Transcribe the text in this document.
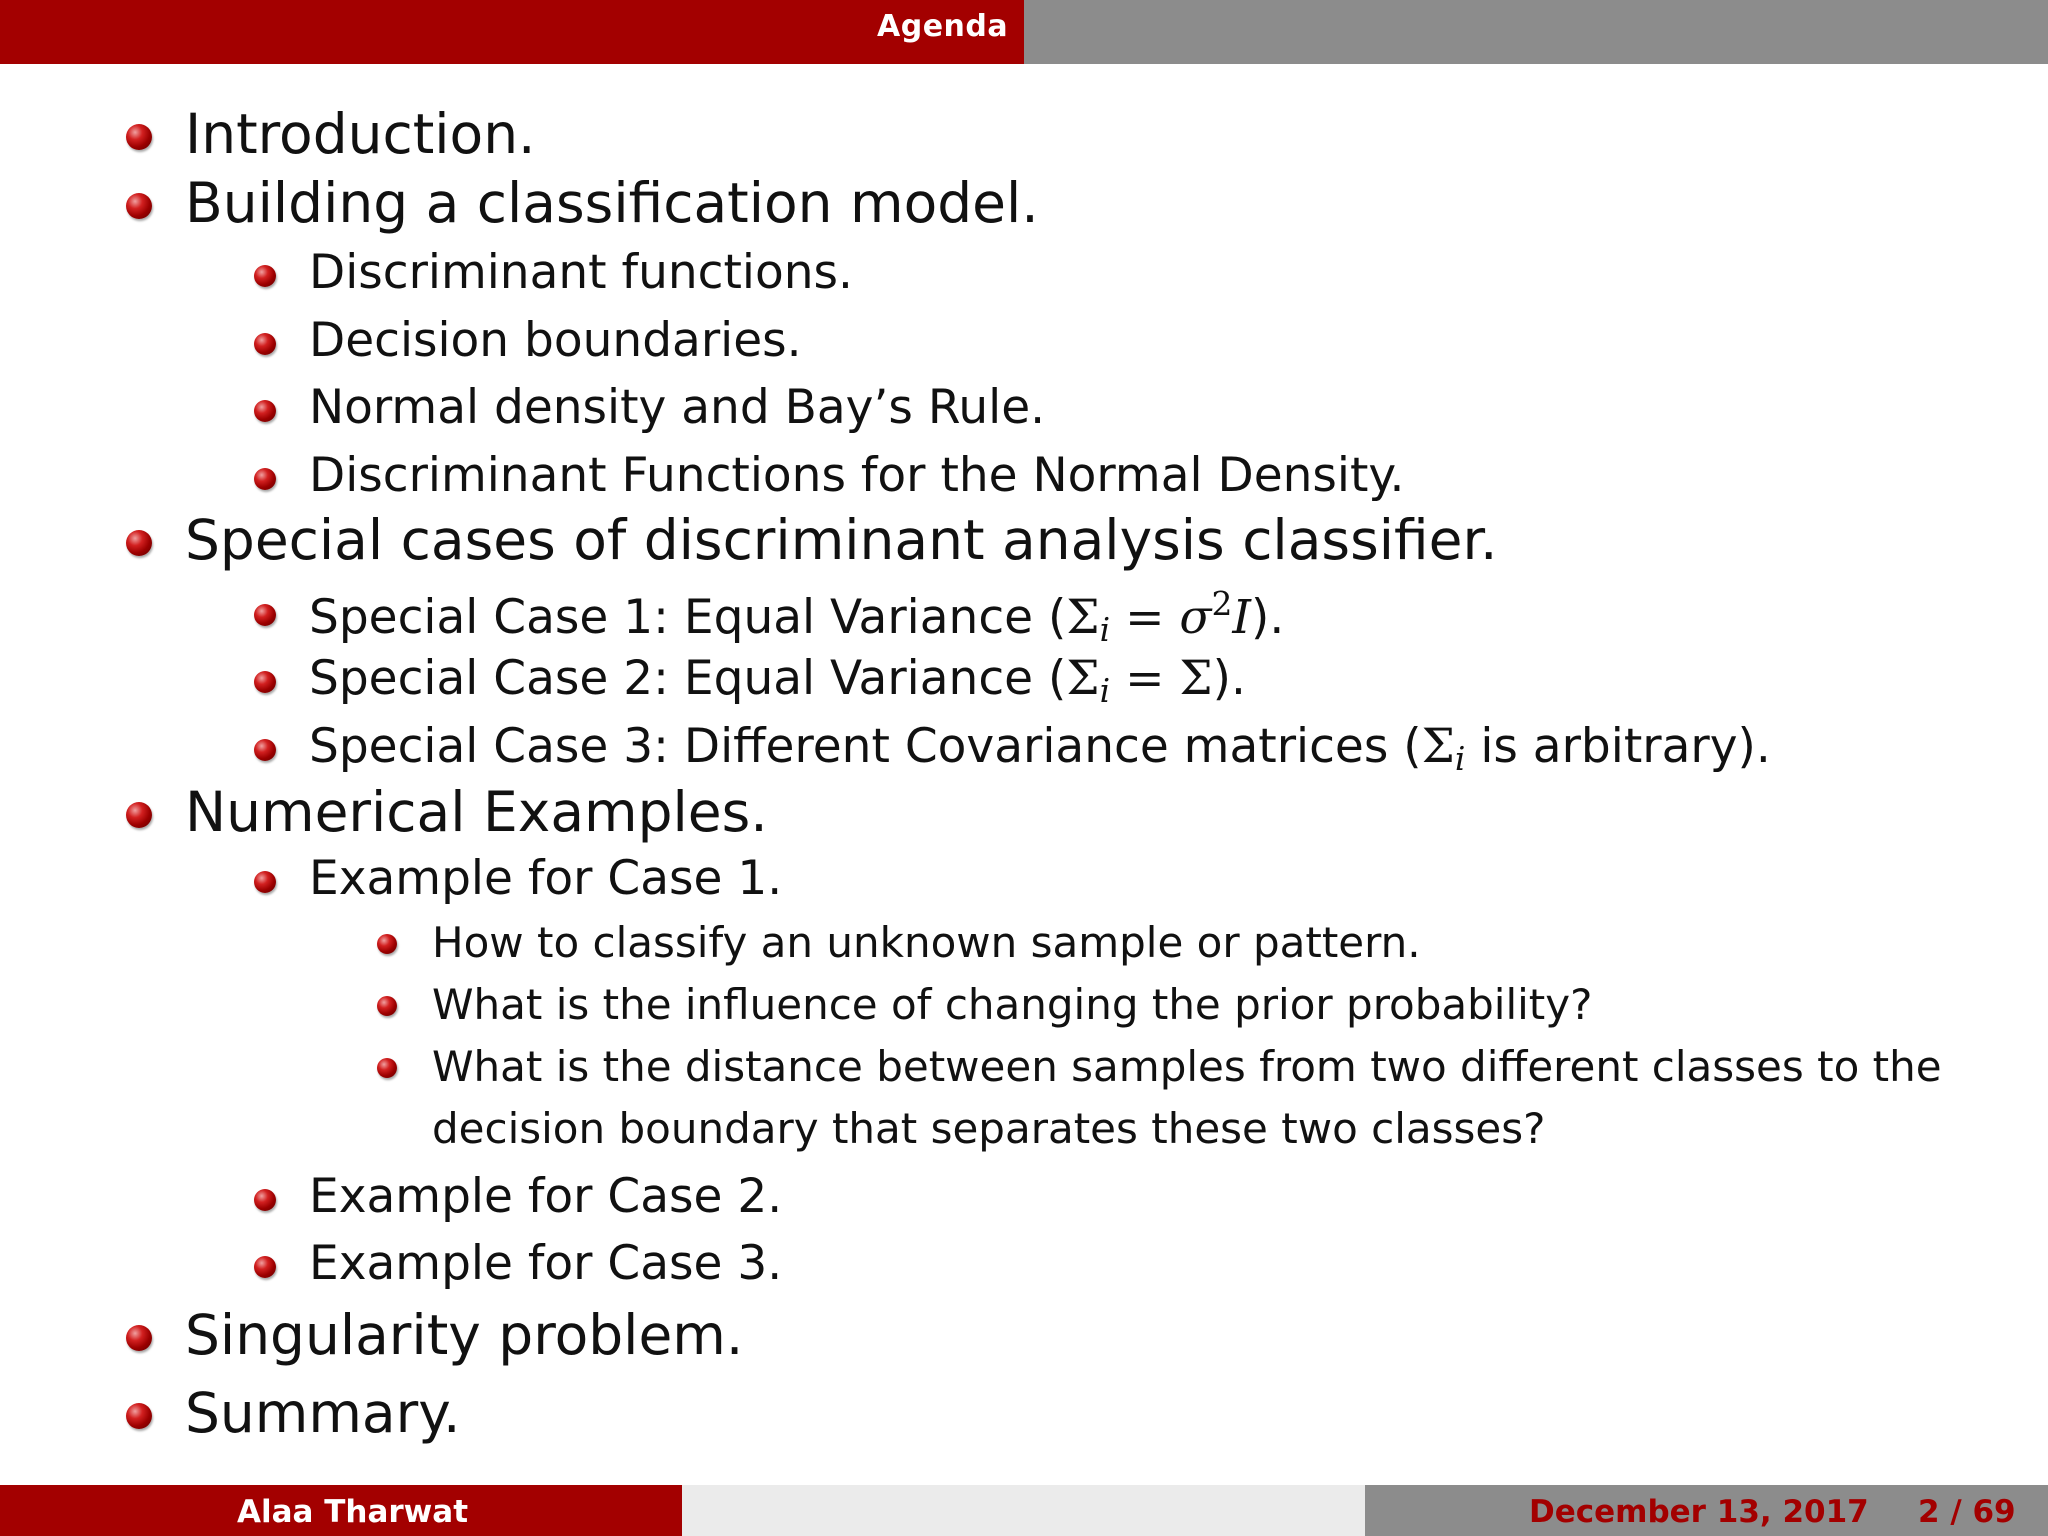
Agenda
Introduction.
Building a classification model.
Discriminant functions.
Decision boundaries.
Normal density and Bay’s Rule.
Discriminant Functions for the Normal Density.
Special cases of discriminant analysis classifier.
Special Case 1: Equal Variance $(\Sigma_i = \sigma^2I)$.
Special Case 2: Equal Variance $(\Sigma_i = \Sigma)$.
Special Case 3: Different Covariance matrices ($\Sigma_i$ is arbitrary).
Numerical Examples.
Example for Case 1.
How to classify an unknown sample or pattern.
What is the influence of changing the prior probability?
What is the distance between samples from two different classes to the
decision boundary that separates these two classes?
Example for Case 2.
Example for Case 3.
Singularity problem.
Summary.
Alaa Tharwat	December 13, 2017 2 / 69
